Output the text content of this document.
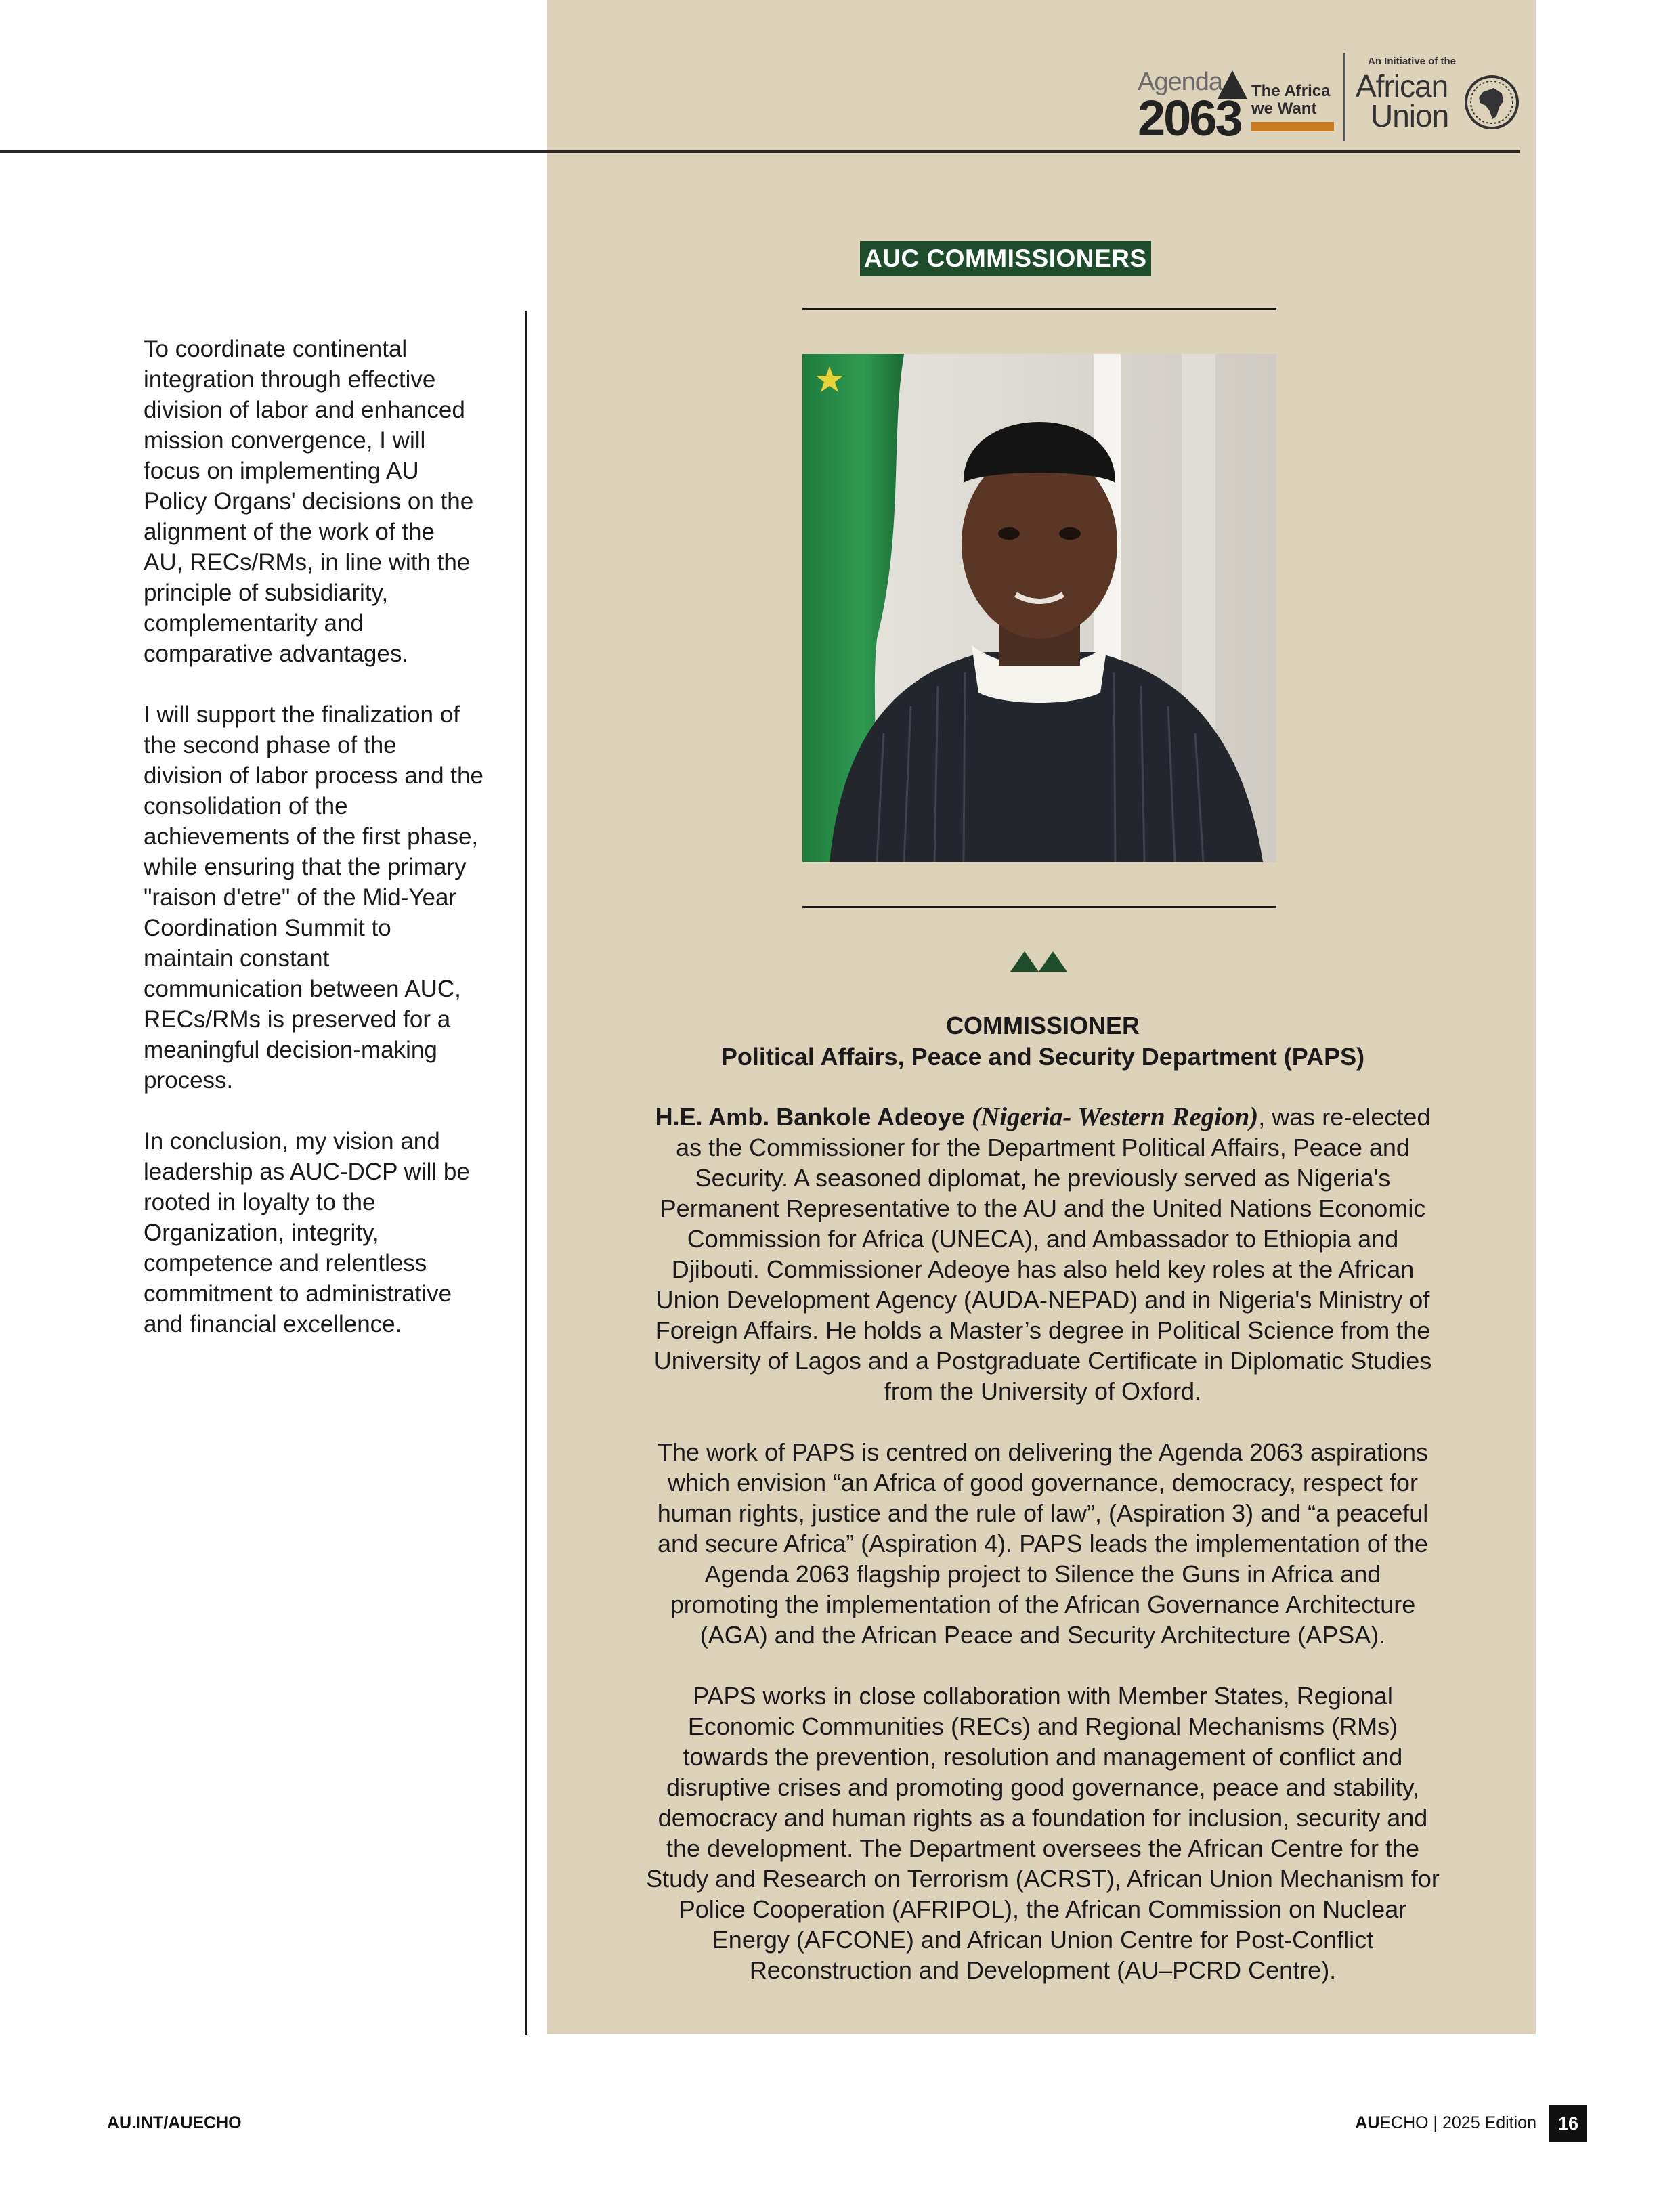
Agenda
2063 The Africa
we Want
An Initiative of the
African
Union

To coordinate continental
integration through effective
division of labor and enhanced
mission convergence, I will
focus on implementing AU
Policy Organs' decisions on the
alignment of the work of the
AU, RECs/RMs, in line with the
principle of subsidiarity,
complementarity and
comparative advantages.

I will support the finalization of
the second phase of the
division of labor process and the
consolidation of the
achievements of the first phase,
while ensuring that the primary
"raison d'etre" of the Mid-Year
Coordination Summit to
maintain constant
communication between AUC,
RECs/RMs is preserved for a
meaningful decision-making
process.

In conclusion, my vision and
leadership as AUC-DCP will be
rooted in loyalty to the
Organization, integrity,
competence and relentless
commitment to administrative
and financial excellence.

AUC COMMISSIONERS
COMMISSIONER
Political Affairs, Peace and Security Department (PAPS)

H.E. Amb. Bankole Adeoye (Nigeria- Western Region), was re-elected
as the Commissioner for the Department Political Affairs, Peace and
Security. A seasoned diplomat, he previously served as Nigeria's
Permanent Representative to the AU and the United Nations Economic
Commission for Africa (UNECA), and Ambassador to Ethiopia and
Djibouti. Commissioner Adeoye has also held key roles at the African
Union Development Agency (AUDA-NEPAD) and in Nigeria's Ministry of
Foreign Affairs. He holds a Master’s degree in Political Science from the
University of Lagos and a Postgraduate Certificate in Diplomatic Studies
from the University of Oxford.

The work of PAPS is centred on delivering the Agenda 2063 aspirations
which envision “an Africa of good governance, democracy, respect for
human rights, justice and the rule of law”, (Aspiration 3) and “a peaceful
and secure Africa” (Aspiration 4). PAPS leads the implementation of the
Agenda 2063 flagship project to Silence the Guns in Africa and
promoting the implementation of the African Governance Architecture
(AGA) and the African Peace and Security Architecture (APSA).

PAPS works in close collaboration with Member States, Regional
Economic Communities (RECs) and Regional Mechanisms (RMs)
towards the prevention, resolution and management of conflict and
disruptive crises and promoting good governance, peace and stability,
democracy and human rights as a foundation for inclusion, security and
the development. The Department oversees the African Centre for the
Study and Research on Terrorism (ACRST), African Union Mechanism for
Police Cooperation (AFRIPOL), the African Commission on Nuclear
Energy (AFCONE) and African Union Centre for Post-Conflict
Reconstruction and Development (AU–PCRD Centre).

AU.INT/AUECHO	AUECHO | 2025 Edition	16
